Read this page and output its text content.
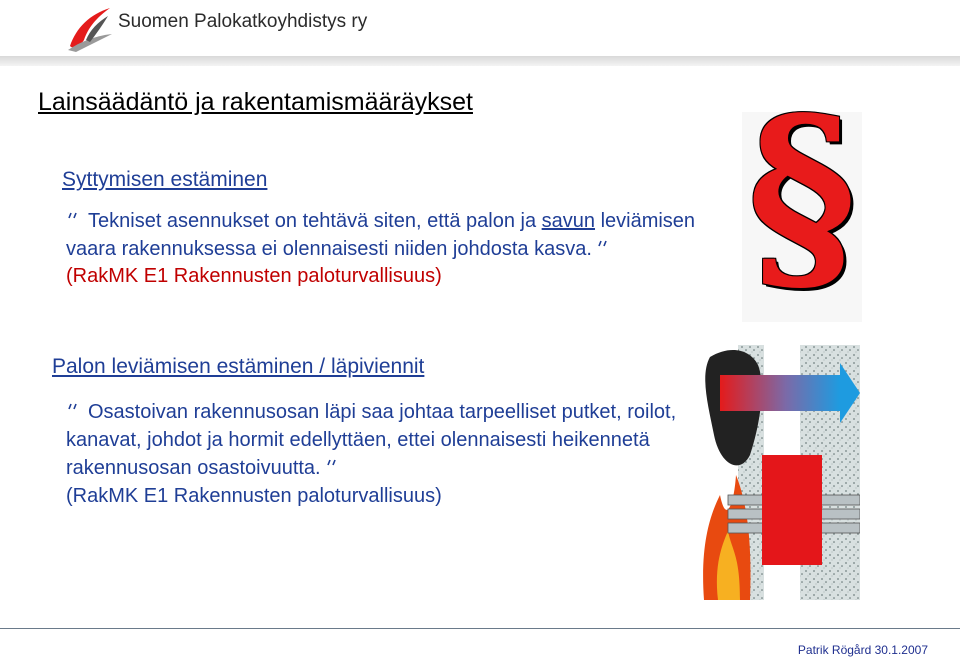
Suomen Palokatkoyhdistys ry
Lainsäädäntö ja rakentamismääräykset
Syttymisen estäminen
Tekniset asennukset on tehtävä siten, että palon ja savun leviämisen vaara rakennuksessa ei olennaisesti niiden johdosta kasva.
(RakMK E1 Rakennusten paloturvallisuus)
Palon leviämisen estäminen / läpiviennit
Osastoivan rakennusosan läpi saa johtaa tarpeelliset putket, roilot, kanavat, johdot ja hormit edellyttäen, ettei olennaisesti heikennetä rakennusosan osastoivuutta.
(RakMK E1 Rakennusten paloturvallisuus)
§
Patrik Rögård 30.1.2007
